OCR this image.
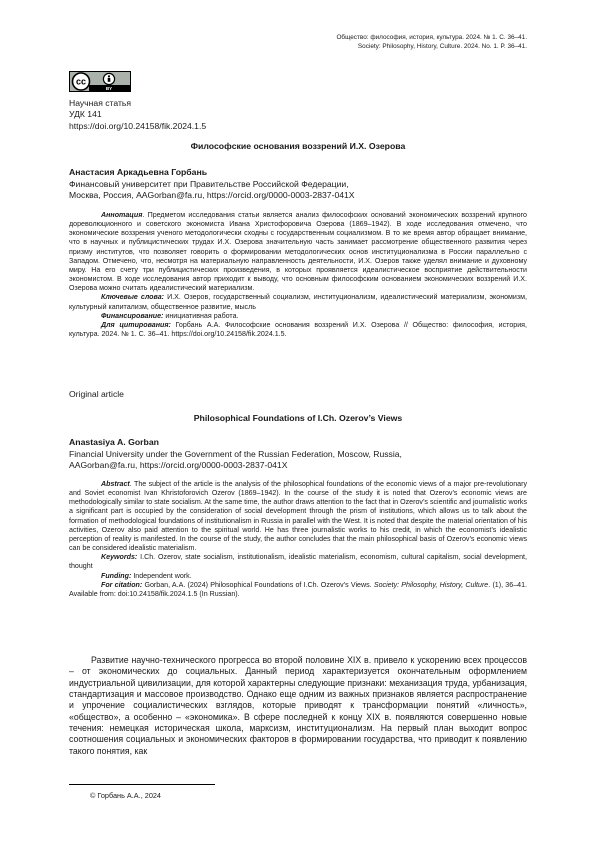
Общество: философия, история, культура. 2024. № 1. С. 36–41.
Society: Philosophy, History, Culture. 2024. No. 1. P. 36–41.
cc
BY
Научная статья
УДК 141
https://doi.org/10.24158/fik.2024.1.5
Философские основания воззрений И.Х. Озерова
Анастасия Аркадьевна Горбань
Финансовый университет при Правительстве Российской Федерации,
Москва, Россия, AAGorban@fa.ru, https://orcid.org/0000-0003-2837-041X

Аннотация. Предметом исследования статьи является анализ философских оснований экономических воззрений крупного дореволюционного и советского экономиста Ивана Христофоровича Озерова (1869–1942). В ходе исследования отмечено, что экономические воззрения ученого методологически сходны с государственным социализмом. В то же время автор обращает внимание, что в научных и публицистических трудах И.Х. Озерова значительную часть занимает рассмотрение общественного развития через призму институтов, что позволяет говорить о формировании методологических основ институционализма в России параллельно с Западом. Отмечено, что, несмотря на материальную направленность деятельности, И.Х. Озеров также уделял внимание и духовному миру. На его счету три публицистических произведения, в которых проявляется идеалистическое восприятие действительности экономистом. В ходе исследования автор приходит к выводу, что основным философским основанием экономических воззрений И.Х. Озерова можно считать идеалистический материализм.

Ключевые слова: И.Х. Озеров, государственный социализм, институционализм, идеалистический материализм, экономизм, культурный капитализм, общественное развитие, мысль

Финансирование: инициативная работа.

Для цитирования: Горбань А.А. Философские основания воззрений И.Х. Озерова // Общество: философия, история, культура. 2024. № 1. С. 36–41. https://doi.org/10.24158/fik.2024.1.5.

Original article
Philosophical Foundations of I.Ch. Ozerov’s Views
Anastasiya A. Gorban
Financial University under the Government of the Russian Federation, Moscow, Russia,
AAGorban@fa.ru, https://orcid.org/0000-0003-2837-041X

Abstract. The subject of the article is the analysis of the philosophical foundations of the economic views of a major pre-revolutionary and Soviet economist Ivan Khristoforovich Ozerov (1869–1942). In the course of the study it is noted that Ozerov’s economic views are methodologically similar to state socialism. At the same time, the author draws attention to the fact that in Ozerov’s scientific and journalistic works a significant part is occupied by the consideration of social development through the prism of institutions, which allows us to talk about the formation of methodological foundations of institutionalism in Russia in parallel with the West. It is noted that despite the material orientation of his activities, Ozerov also paid attention to the spiritual world. He has three journalistic works to his credit, in which the economist’s idealistic perception of reality is manifested. In the course of the study, the author concludes that the main philosophical basis of Ozerov’s economic views can be considered idealistic materialism.

Keywords: I.Ch. Ozerov, state socialism, institutionalism, idealistic materialism, economism, cultural capitalism, social development, thought

Funding: Independent work.

For citation: Gorban, A.A. (2024) Philosophical Foundations of I.Ch. Ozerov’s Views. Society: Philosophy, History, Culture. (1), 36–41. Available from: doi:10.24158/fik.2024.1.5 (In Russian).

Развитие научно-технического прогресса во второй половине XIX в. привело к ускорению всех процессов – от экономических до социальных. Данный период характеризуется окончательным оформлением индустриальной цивилизации, для которой характерны следующие признаки: механизация труда, урбанизация, стандартизация и массовое производство. Однако еще одним из важных признаков является распространение и упрочение социалистических взглядов, которые приводят к трансформации понятий «личность», «общество», а особенно – «экономика». В сфере последней к концу XIX в. появляются совершенно новые течения: немецкая историческая школа, марксизм, институционализм. На первый план выходит вопрос соотношения социальных и экономических факторов в формировании государства, что приводит к появлению такого понятия, как
© Горбань А.А., 2024
